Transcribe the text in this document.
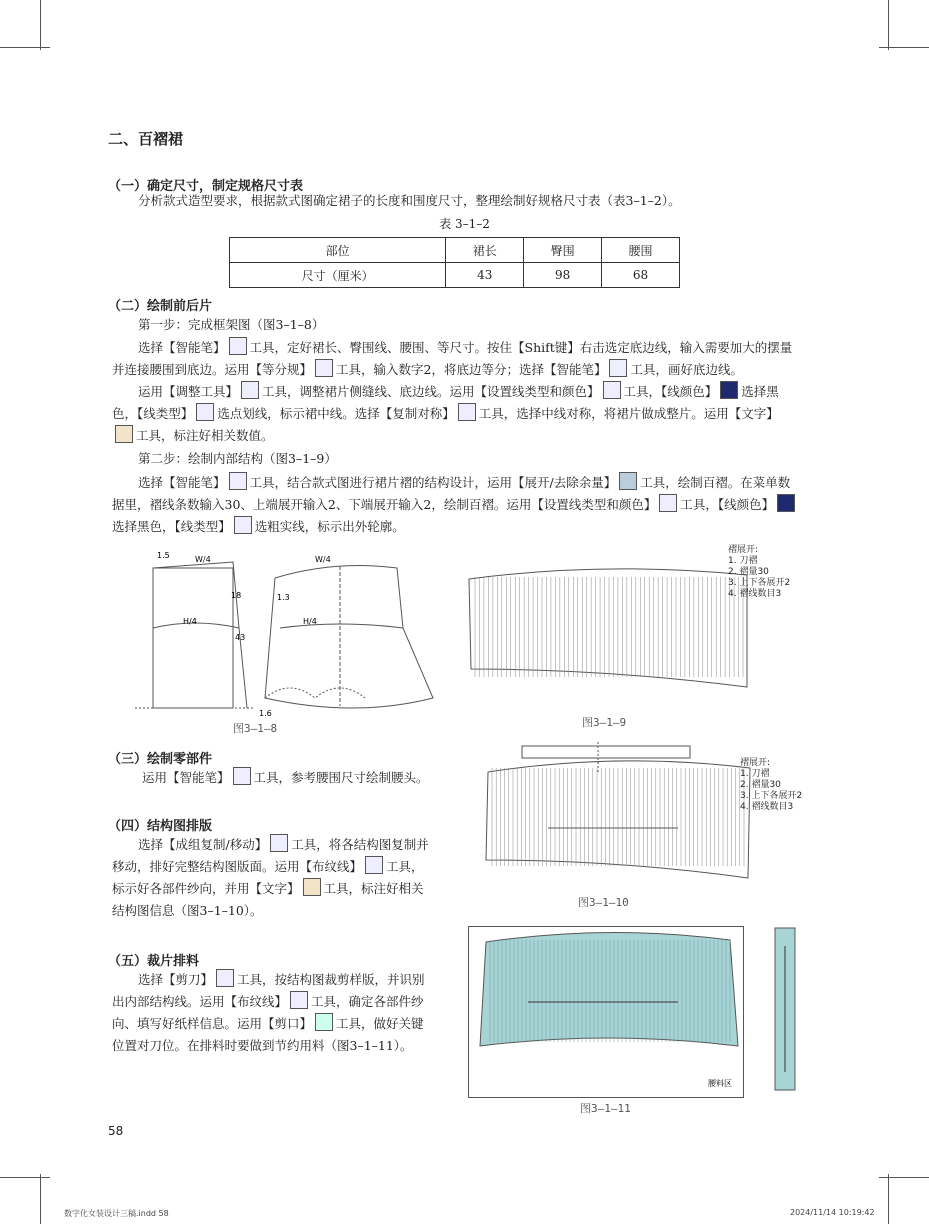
二、百褶裙
（一）确定尺寸，制定规格尺寸表
分析款式造型要求，根据款式图确定裙子的长度和围度尺寸，整理绘制好规格尺寸表（表3–1–2）。
表 3–1–2
部位	裙长	臀围	腰围
尺寸（厘米）	43	98	68
（二）绘制前后片
第一步：完成框架图（图3–1–8）
选择【智能笔】 工具，定好裙长、臀围线、腰围、等尺寸。按住【Shift键】右击选定底边线，输入需要加大的摆量并连接腰围到底边。运用【等分规】 工具，输入数字2，将底边等分；选择【智能笔】 工具，画好底边线。
运用【调整工具】 工具，调整裙片侧缝线、底边线。运用【设置线类型和颜色】 工具，【线颜色】 选择黑色，【线类型】 选点划线，标示裙中线。选择【复制对称】 工具，选择中线对称，将裙片做成整片。运用【文字】工具，标注好相关数值。
第二步：绘制内部结构（图3–1–9）
选择【智能笔】 工具，结合款式图进行裙片褶的结构设计，运用【展开/去除余量】 工具，绘制百褶。在菜单数据里，褶线条数输入30、上端展开输入2、下端展开输入2，绘制百褶。运用【设置线类型和颜色】 工具，【线颜色】选择黑色，【线类型】 选粗实线，标示出外轮廓。
1.5	W/4	W/4
18
H/4	H/4
43
1.6
1.3
图3–1–8
褶展开:
1. 刀褶
2. 褶量30
3. 上下各展开2
4. 褶线数目3
图3–1–9
（三）绘制零部件
运用【智能笔】 工具，参考腰围尺寸绘制腰头。
褶展开:
1. 刀褶
2. 褶量30
3. 上下各展开2
4. 褶线数目3
图3–1–10
（四）结构图排版
选择【成组复制/移动】 工具，将各结构图复制并移动，排好完整结构图版面。运用【布纹线】 工具，标示好各部件纱向，并用【文字】 工具，标注好相关结构图信息（图3–1–10）。
（五）裁片排料
选择【剪刀】 工具，按结构图裁剪样版，并识别出内部结构线。运用【布纹线】 工具，确定各部件纱向、填写好纸样信息。运用【剪口】 工具，做好关键位置对刀位。在排料时要做到节约用料（图3–1–11）。
腰料区
图3–1–11
58
数字化女装设计三稿.indd 58	2024/11/14 10:19:42
